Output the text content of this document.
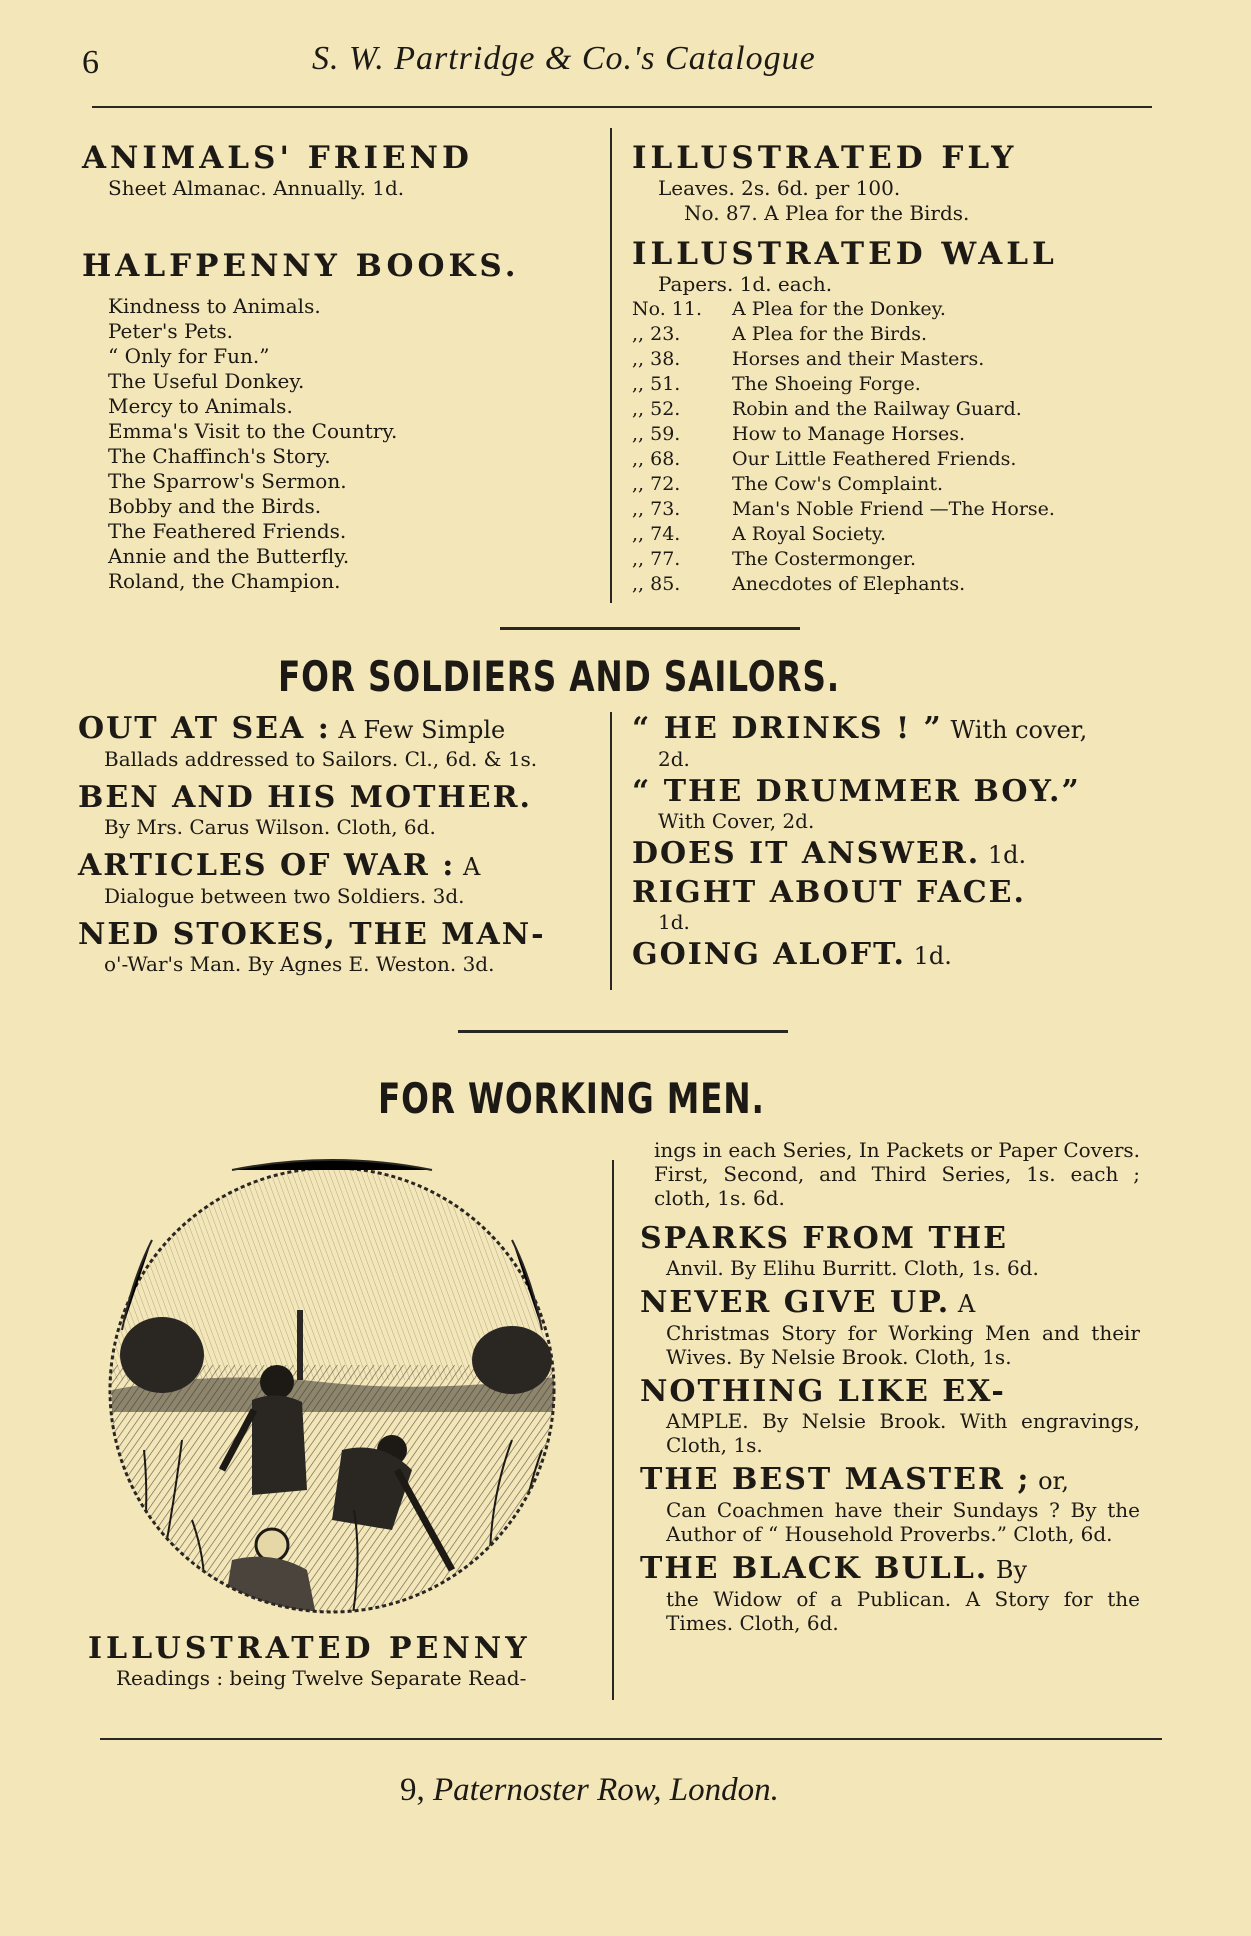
6	S. W. Partridge & Co.'s Catalogue
ANIMALS' FRIEND
Sheet Almanac. Annually. 1d.
HALFPENNY BOOKS.
Kindness to Animals.
Peter's Pets.
“ Only for Fun.”
The Useful Donkey.
Mercy to Animals.
Emma's Visit to the Country.
The Chaffinch's Story.
The Sparrow's Sermon.
Bobby and the Birds.
The Feathered Friends.
Annie and the Butterfly.
Roland, the Champion.
ILLUSTRATED FLY
Leaves. 2s. 6d. per 100.
No. 87. A Plea for the Birds.
ILLUSTRATED WALL
Papers. 1d. each.
No. 11.	A Plea for the Donkey.
,, 23.	A Plea for the Birds.
,, 38.	Horses and their Masters.
,, 51.	The Shoeing Forge.
,, 52.	Robin and the Railway Guard.
,, 59.	How to Manage Horses.
,, 68.	Our Little Feathered Friends.
,, 72.	The Cow's Complaint.
,, 73.	Man's Noble Friend —The Horse.
,, 74.	A Royal Society.
,, 77.	The Costermonger.
,, 85.	Anecdotes of Elephants.
FOR SOLDIERS AND SAILORS.
OUT AT SEA : A Few Simple
Ballads addressed to Sailors. Cl., 6d. & 1s.
BEN AND HIS MOTHER.
By Mrs. Carus Wilson. Cloth, 6d.
ARTICLES OF WAR : A
Dialogue between two Soldiers. 3d.
NED STOKES, THE MAN-
o'-War's Man. By Agnes E. Weston. 3d.
“ HE DRINKS ! ” With cover,
2d.
“ THE DRUMMER BOY.”
With Cover, 2d.
DOES IT ANSWER. 1d.
RIGHT ABOUT FACE.
1d.
GOING ALOFT. 1d.
FOR WORKING MEN.
ILLUSTRATED PENNY
Readings : being Twelve Separate Read-
ings in each Series, In Packets or Paper Covers. First, Second, and Third Series, 1s. each ; cloth, 1s. 6d.
SPARKS FROM THE
Anvil. By Elihu Burritt. Cloth, 1s. 6d.
NEVER GIVE UP. A
Christmas Story for Working Men and their Wives. By Nelsie Brook. Cloth, 1s.
NOTHING LIKE EX-
AMPLE. By Nelsie Brook. With engravings, Cloth, 1s.
THE BEST MASTER ; or,
Can Coachmen have their Sundays ? By the Author of “ Household Proverbs.” Cloth, 6d.
THE BLACK BULL. By
the Widow of a Publican. A Story for the Times. Cloth, 6d.
9, Paternoster Row, London.
